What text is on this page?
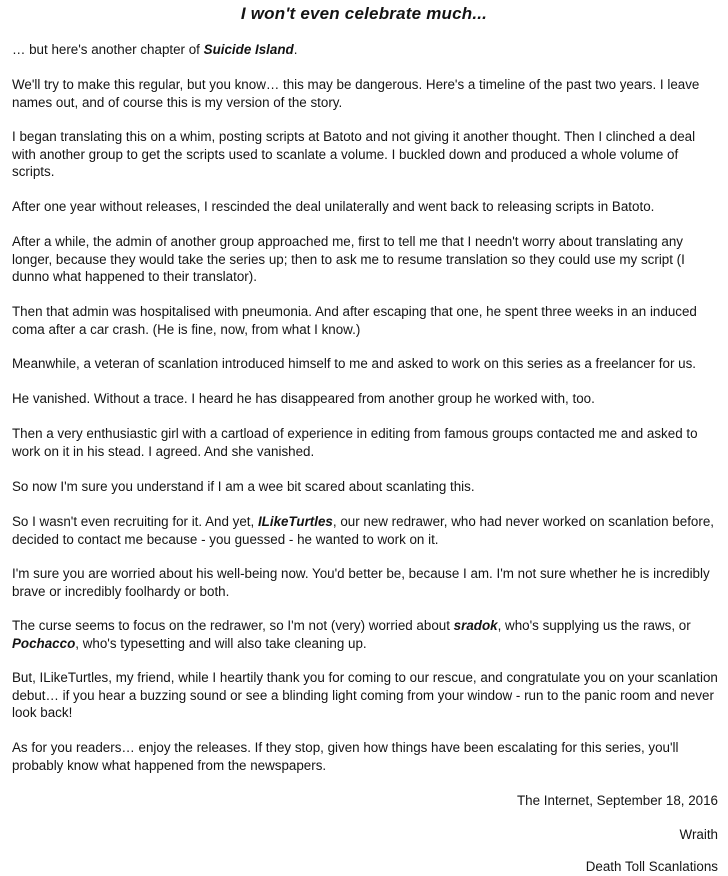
I won't even celebrate much...

… but here's another chapter of Suicide Island.

We'll try to make this regular, but you know… this may be dangerous. Here's a timeline of the past two years. I leave names out, and of course this is my version of the story.

I began translating this on a whim, posting scripts at Batoto and not giving it another thought. Then I clinched a deal with another group to get the scripts used to scanlate a volume. I buckled down and produced a whole volume of scripts.

After one year without releases, I rescinded the deal unilaterally and went back to releasing scripts in Batoto.

After a while, the admin of another group approached me, first to tell me that I needn't worry about translating any longer, because they would take the series up; then to ask me to resume translation so they could use my script (I dunno what happened to their translator).

Then that admin was hospitalised with pneumonia. And after escaping that one, he spent three weeks in an induced coma after a car crash. (He is fine, now, from what I know.)

Meanwhile, a veteran of scanlation introduced himself to me and asked to work on this series as a freelancer for us.

He vanished. Without a trace. I heard he has disappeared from another group he worked with, too.

Then a very enthusiastic girl with a cartload of experience in editing from famous groups contacted me and asked to work on it in his stead. I agreed. And she vanished.

So now I'm sure you understand if I am a wee bit scared about scanlating this.

So I wasn't even recruiting for it. And yet, ILikeTurtles, our new redrawer, who had never worked on scanlation before, decided to contact me because - you guessed - he wanted to work on it.

I'm sure you are worried about his well-being now. You'd better be, because I am. I'm not sure whether he is incredibly brave or incredibly foolhardy or both.

The curse seems to focus on the redrawer, so I'm not (very) worried about sradok, who's supplying us the raws, or Pochacco, who's typesetting and will also take cleaning up.

But, ILikeTurtles, my friend, while I heartily thank you for coming to our rescue, and congratulate you on your scanlation debut… if you hear a buzzing sound or see a blinding light coming from your window - run to the panic room and never look back!

As for you readers… enjoy the releases. If they stop, given how things have been escalating for this series, you'll probably know what happened from the newspapers.

The Internet, September 18, 2016
Wraith
Death Toll Scanlations
